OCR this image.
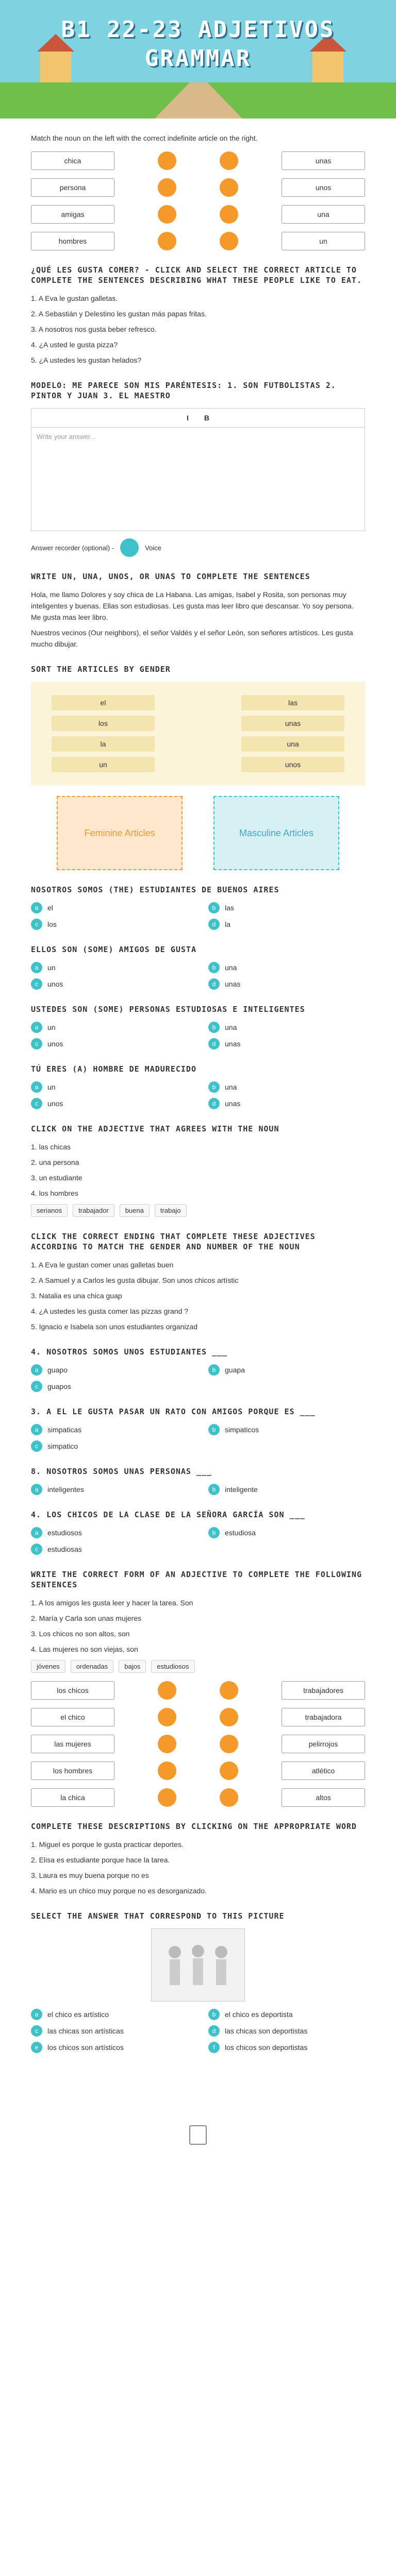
B1 22-23 ADJETIVOS
GRAMMAR
Match the noun on the left with the correct indefinite article on the right.
chica	unas
persona	unos
amigas	una
hombres	un
¿QUÉ LES GUSTA COMER? - CLICK AND SELECT THE CORRECT ARTICLE TO COMPLETE THE SENTENCES DESCRIBING WHAT THESE PEOPLE LIKE TO EAT.
1. A Eva le gustan galletas.
2. A Sebastián y Delestino les gustan más papas fritas.
3. A nosotros nos gusta beber refresco.
4. ¿A usted le gusta pizza?
5. ¿A ustedes les gustan helados?
MODELO: ME PARECE SON MIS PARÉNTESIS: 1. SON FUTBOLISTAS 2. PINTOR Y JUAN 3. EL MAESTRO
I B
Write your answer...
Answer recorder (optional) -	Voice
WRITE UN, UNA, UNOS, OR UNAS TO COMPLETE THE SENTENCES
Hola, me llamo Dolores y soy chica de La Habana. Las amigas, Isabel y Rosita, son personas muy inteligentes y buenas. Ellas son estudiosas. Les gusta mas leer libro que descansar. Yo soy persona. Me gusta mas leer libro.
Nuestros vecinos (Our neighbors), el señor Valdés y el señor León, son señores artísticos. Les gusta mucho dibujar.
SORT THE ARTICLES BY GENDER
el	las
los	unas
la	una
un	unos
Feminine Articles	Masculine Articles
NOSOTROS SOMOS (THE) ESTUDIANTES DE BUENOS AIRES
a	el	b	las
c	los	d	la
ELLOS SON (SOME) AMIGOS DE GUSTA
a	un	b	una
c	unos	d	unas
USTEDES SON (SOME) PERSONAS ESTUDIOSAS E INTELIGENTES
a	un	b	una
c	unos	d	unas
TÚ ERES (A) HOMBRE DE MADURECIDO
a	un	b	una
c	unos	d	unas
CLICK ON THE ADJECTIVE THAT AGREES WITH THE NOUN
1. las chicas
2. una persona
3. un estudiante
4. los hombres
serianos	trabajador	buena	trabajo
CLICK THE CORRECT ENDING THAT COMPLETE THESE ADJECTIVES ACCORDING TO MATCH THE GENDER AND NUMBER OF THE NOUN
1. A Eva le gustan comer unas galletas buen
2. A Samuel y a Carlos les gusta dibujar. Son unos chicos artístic
3. Natalia es una chica guap
4. ¿A ustedes les gusta comer las pizzas grand ?
5. Ignacio e Isabela son unos estudiantes organizad
4. NOSOTROS SOMOS UNOS ESTUDIANTES ___
a	guapo	b	guapa
c	guapos
3. A EL LE GUSTA PASAR UN RATO CON AMIGOS PORQUE ES ___
a	simpaticas	b	simpaticos
c	simpatico
8. NOSOTROS SOMOS UNAS PERSONAS ___
a	inteligentes	b	inteligente
4. LOS CHICOS DE LA CLASE DE LA SEÑORA GARCÍA SON ___
a	estudiosos	b	estudiosa
c	estudiosas
WRITE THE CORRECT FORM OF AN ADJECTIVE TO COMPLETE THE FOLLOWING SENTENCES
1. A los amigos les gusta leer y hacer la tarea. Son
2. María y Carla son unas mujeres
3. Los chicos no son altos, son
4. Las mujeres no son viejas, son
jóvenes	ordenadas	bajos	estudiosos
los chicos	trabajadores
el chico	trabajadora
las mujeres	pelirrojos
los hombres	atlético
la chica	altos
COMPLETE THESE DESCRIPTIONS BY CLICKING ON THE APPROPRIATE WORD
1. Miguel es porque le gusta practicar deportes.
2. Elisa es estudiante porque hace la tarea.
3. Laura es muy buena porque no es
4. Mario es un chico muy porque no es desorganizado.
SELECT THE ANSWER THAT CORRESPOND TO THIS PICTURE
a	el chico es artístico	b	el chico es deportista
c	las chicas son artísticas	d	las chicas son deportistas
e	los chicos son artísticos	f	los chicos son deportistas
